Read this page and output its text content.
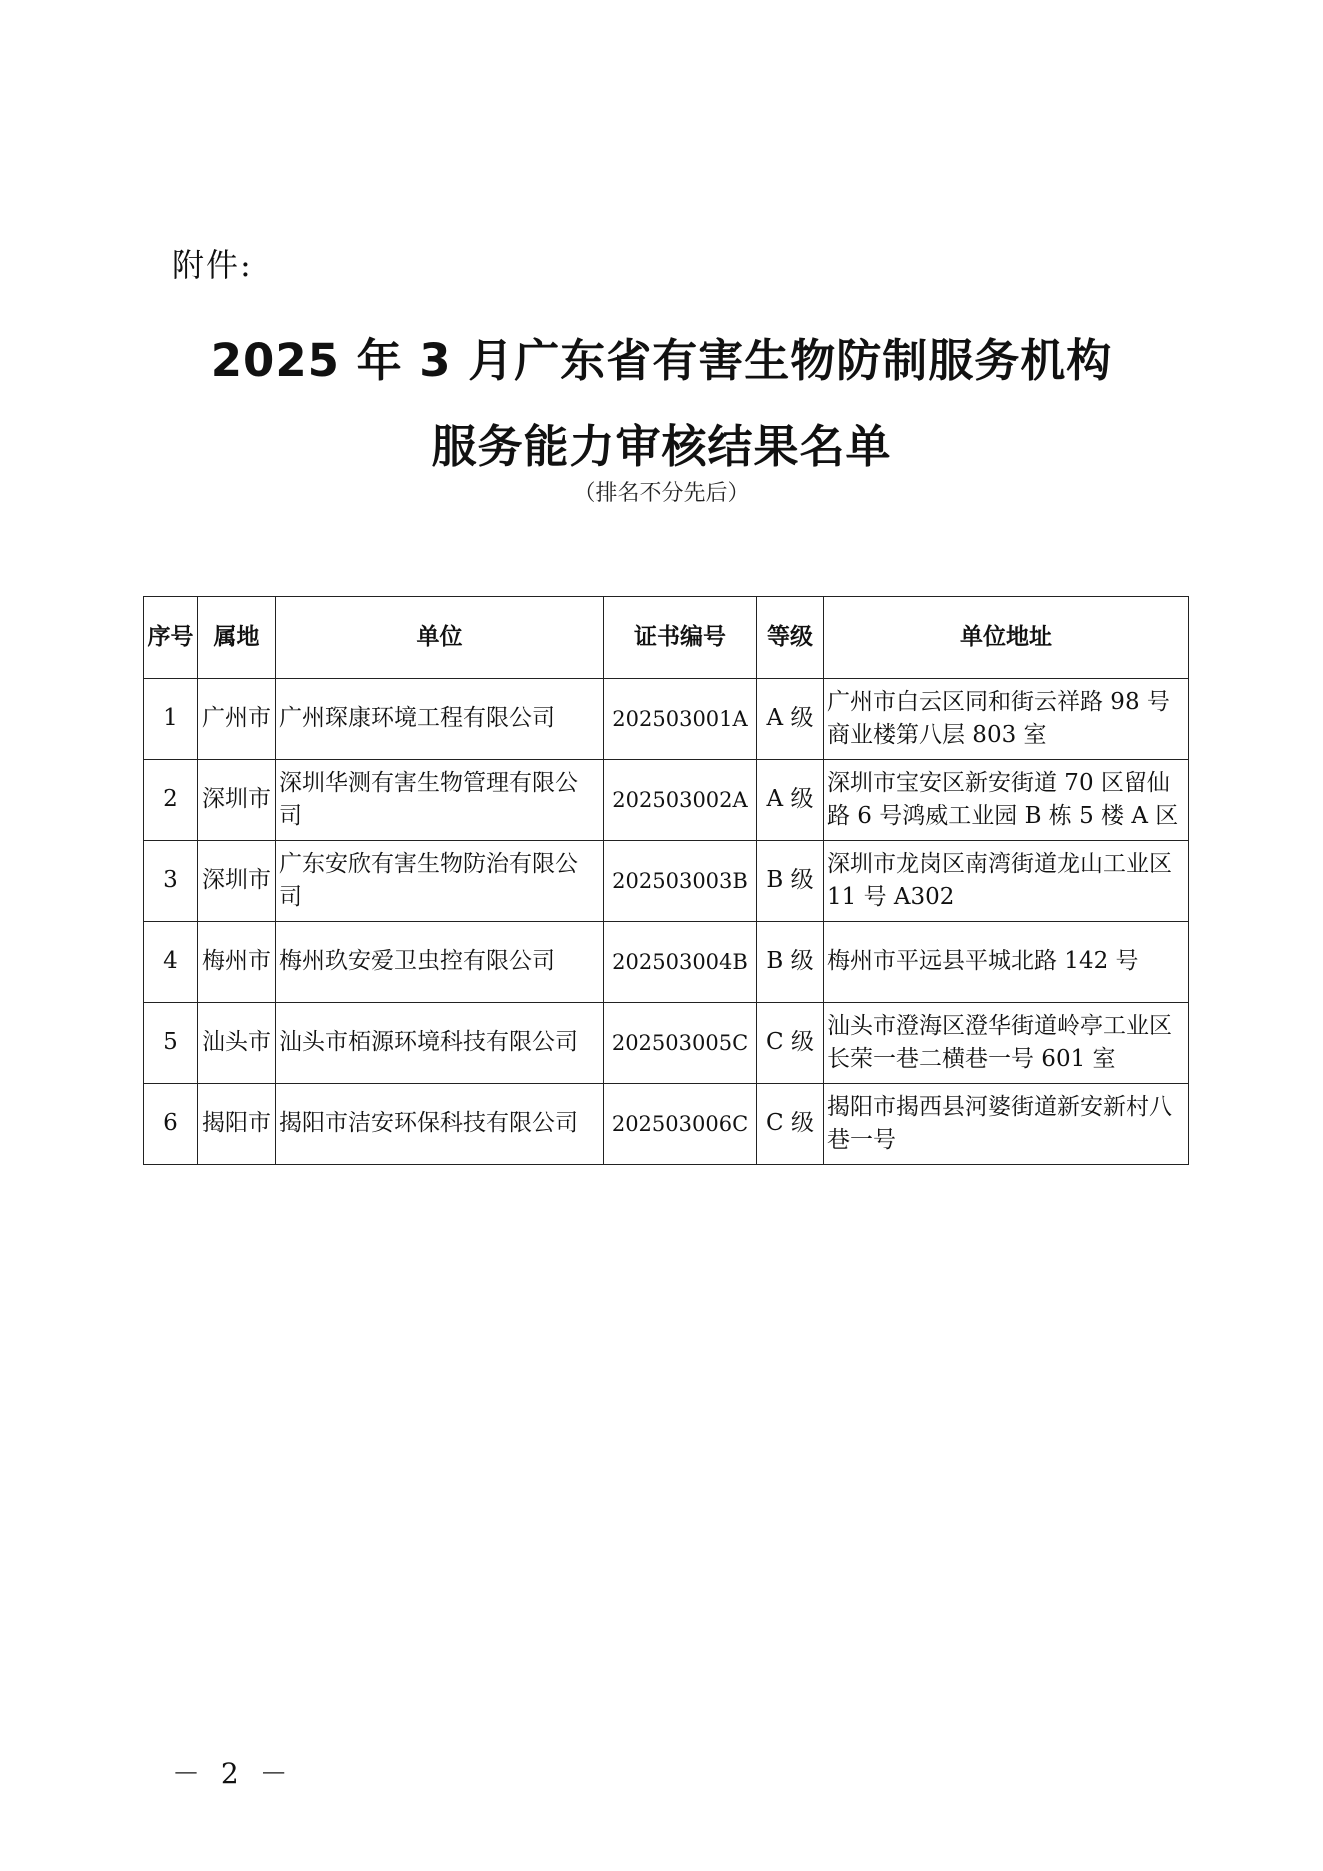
附件:
2025 年 3 月广东省有害生物防制服务机构
服务能力审核结果名单
（排名不分先后）
序号	属地	单位	证书编号	等级	单位地址
1	广州市	广州琛康环境工程有限公司	202503001A	A 级	广州市白云区同和街云祥路 98 号商业楼第八层 803 室
2	深圳市	深圳华测有害生物管理有限公司	202503002A	A 级	深圳市宝安区新安街道 70 区留仙路 6 号鸿威工业园 B 栋 5 楼 A 区
3	深圳市	广东安欣有害生物防治有限公司	202503003B	B 级	深圳市龙岗区南湾街道龙山工业区 11 号 A302
4	梅州市	梅州玖安爱卫虫控有限公司	202503004B	B 级	梅州市平远县平城北路 142 号
5	汕头市	汕头市栢源环境科技有限公司	202503005C	C 级	汕头市澄海区澄华街道岭亭工业区长荣一巷二横巷一号 601 室
6	揭阳市	揭阳市洁安环保科技有限公司	202503006C	C 级	揭阳市揭西县河婆街道新安新村八巷一号
－ 2 －
